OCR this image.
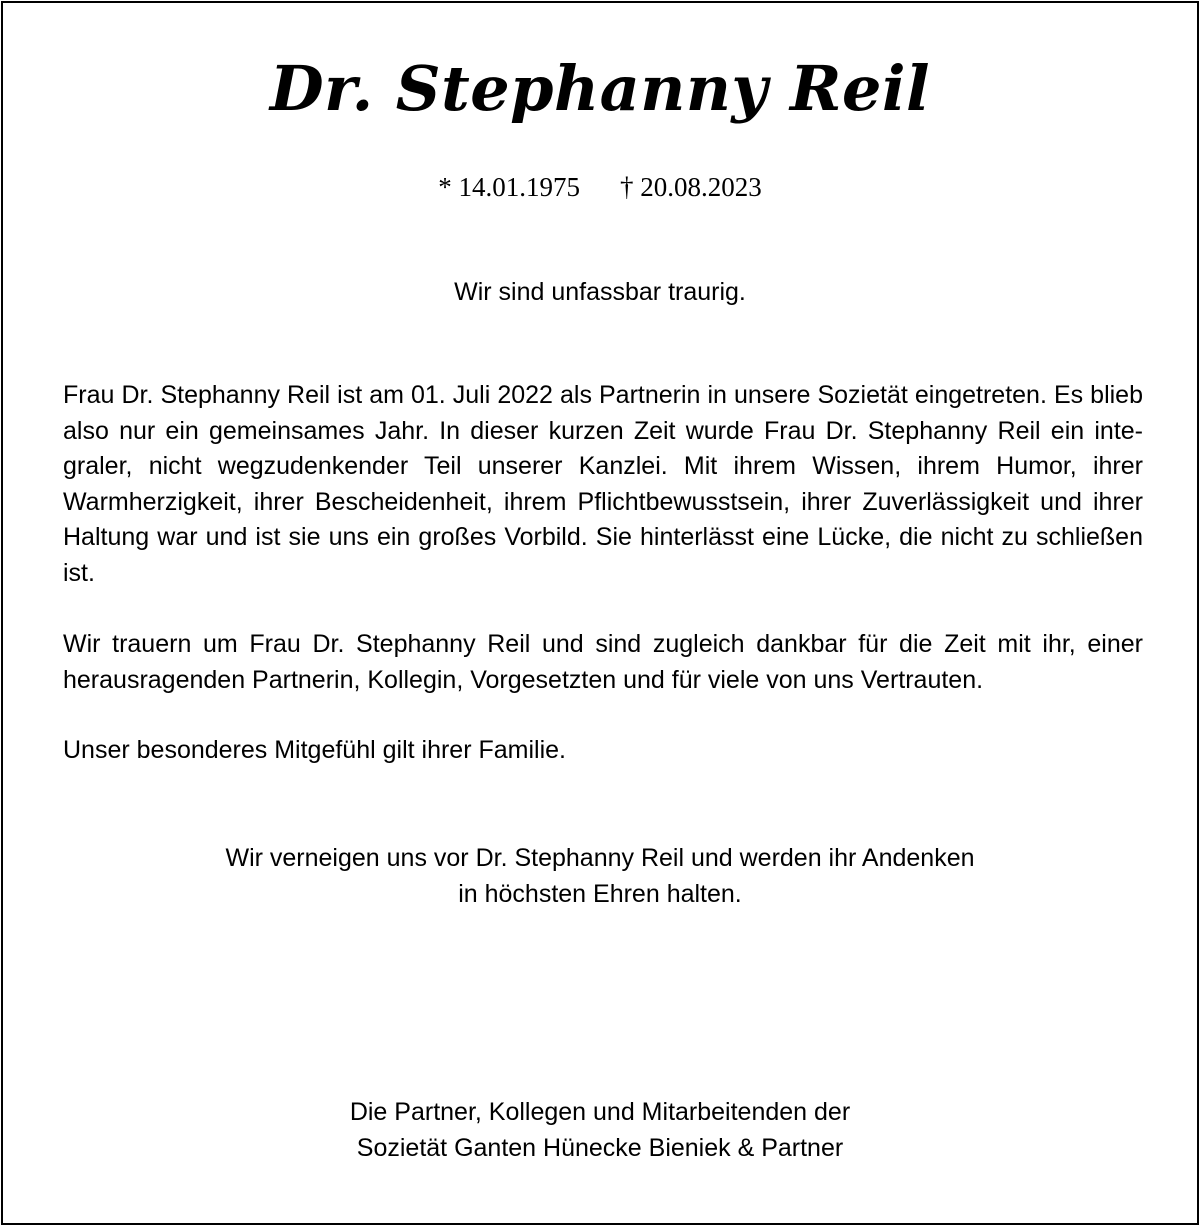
Dr. Stephanny Reil

* 14.01.1975 † 20.08.2023

Wir sind unfassbar traurig.

Frau Dr. Stephanny Reil ist am 01. Juli 2022 als Partnerin in unsere Sozietät eingetreten. Es blieb also nur ein gemeinsames Jahr. In dieser kurzen Zeit wurde Frau Dr. Stephanny Reil ein integraler, nicht wegzudenkender Teil unserer Kanzlei. Mit ihrem Wissen, ihrem Humor, ihrer Warmherzigkeit, ihrer Bescheidenheit, ihrem Pflichtbewusstsein, ihrer Zuverlässigkeit und ihrer Haltung war und ist sie uns ein großes Vorbild. Sie hinterlässt eine Lücke, die nicht zu schließen ist.

Wir trauern um Frau Dr. Stephanny Reil und sind zugleich dankbar für die Zeit mit ihr, einer herausragenden Partnerin, Kollegin, Vorgesetzten und für viele von uns Vertrauten.

Unser besonderes Mitgefühl gilt ihrer Familie.

Wir verneigen uns vor Dr. Stephanny Reil und werden ihr Andenken
in höchsten Ehren halten.

Die Partner, Kollegen und Mitarbeitenden der
Sozietät Ganten Hünecke Bieniek & Partner
